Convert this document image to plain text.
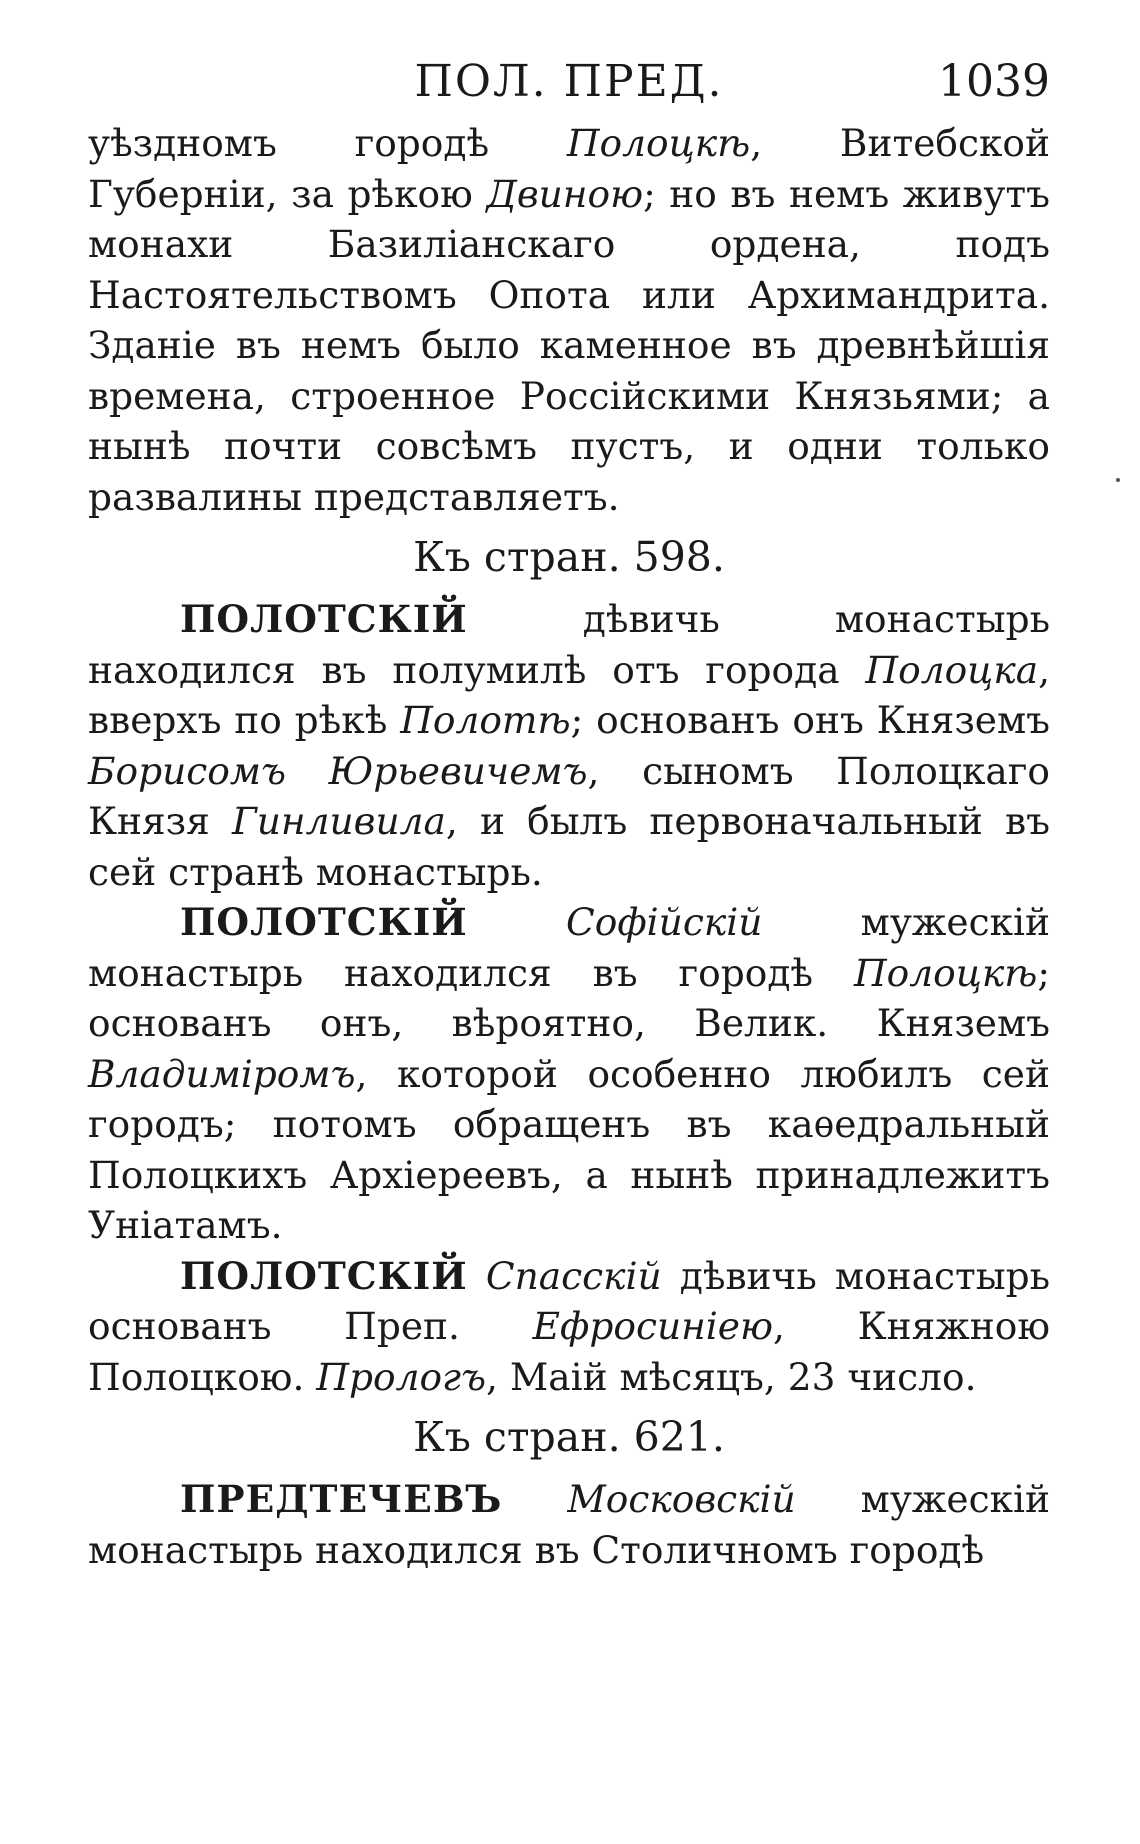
ПОЛ. ПРЕД.	1039

уѣздномъ городѣ Полоцкѣ, Витебской Губерніи, за рѣкою Двиною; но въ немъ живутъ монахи Базиліанскаго ордена, подъ Настоятельствомъ Опота или Архимандрита. Зданіе въ немъ было каменное въ древнѣйшія времена, строенное Россійскими Князьями; а нынѣ почти совсѣмъ пустъ, и одни только развалины представляетъ.

Къ стран. 598.

ПОЛОТСКІЙ дѣвичь монастырь находился въ полумилѣ отъ города Полоцка, вверхъ по рѣкѣ Полотѣ; основанъ онъ Княземъ Борисомъ Юрьевичемъ, сыномъ Полоцкаго Князя Гинливила, и былъ первоначальный въ сей странѣ монастырь.

ПОЛОТСКІЙ	Софійскій мужескій монастырь находился въ городѣ Полоцкѣ; основанъ онъ, вѣроятно, Велик. Княземъ Владиміромъ, которой особенно любилъ сей городъ; потомъ обращенъ въ каѳедральный Полоцкихъ Архіереевъ, а нынѣ принадлежитъ Уніатамъ.

ПОЛОТСКІЙ Спасскій дѣвичь монастырь основанъ Преп. Ефросиніею, Княжною Полоцкою. Прологъ, Маій мѣсяцъ, 23 число.

Къ стран. 621.

ПРЕДТЕЧЕВЪ Московскій мужескій монастырь находился въ Столичномъ городѣ
